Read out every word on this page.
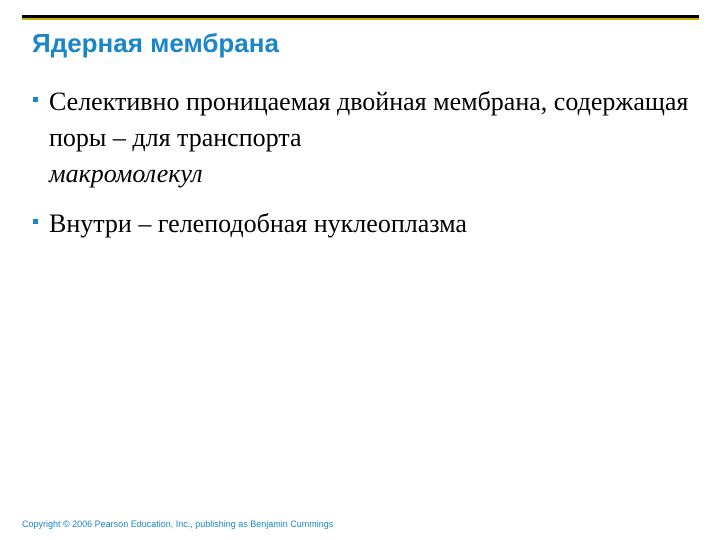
Ядерная мембрана
Селективно проницаемая двойная мембрана, содержащая поры – для транспорта
макромолекул
Внутри – гелеподобная нуклеоплазма
Copyright © 2006 Pearson Education, Inc., publishing as Benjamin Cummings
